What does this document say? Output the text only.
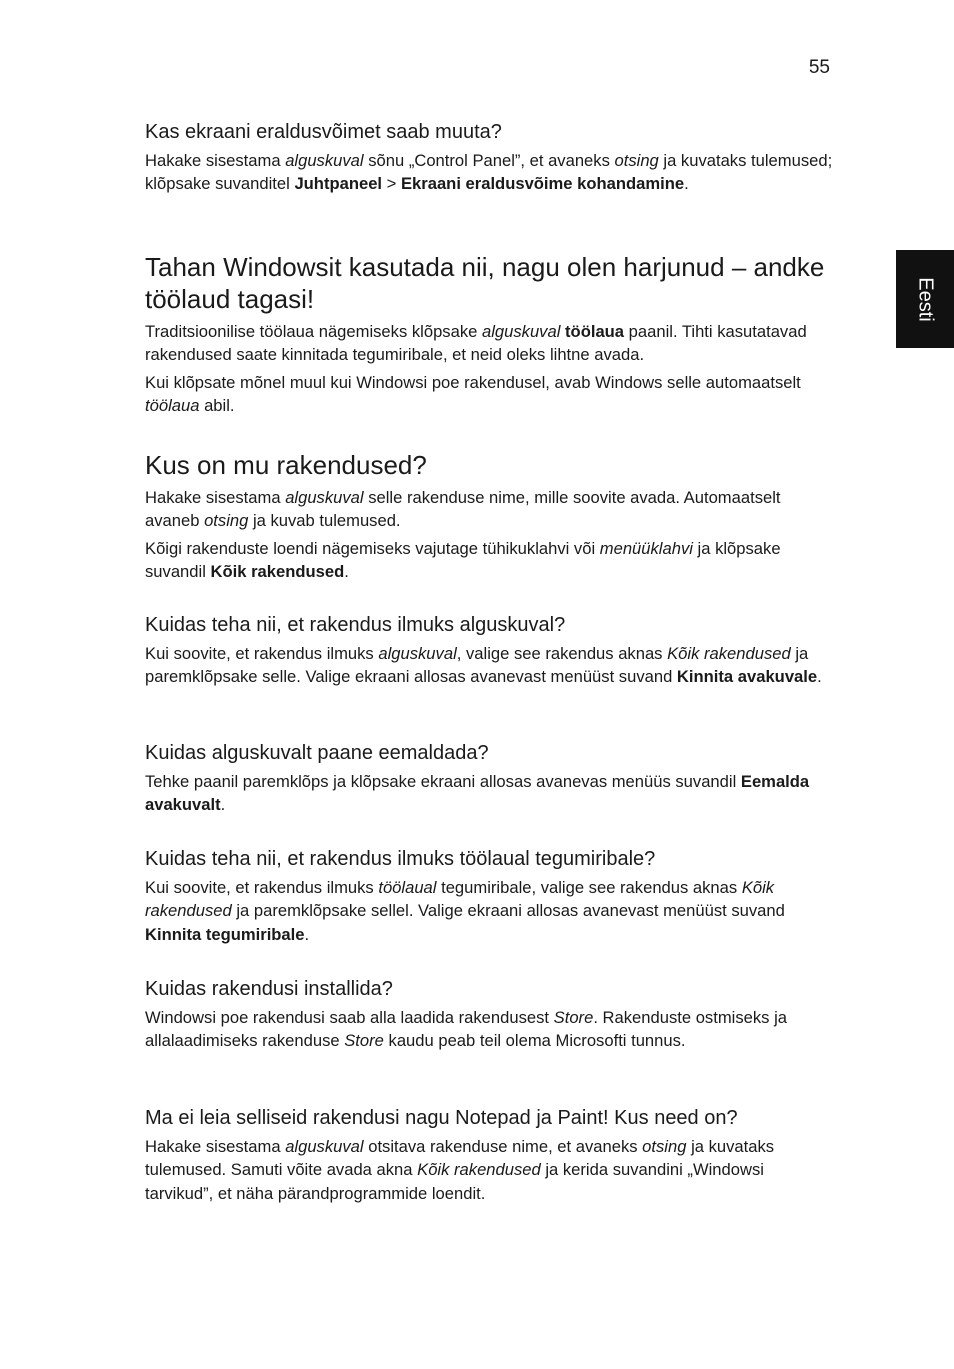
55
Eesti
Kas ekraani eraldusvõimet saab muuta?

Hakake sisestama alguskuval sõnu „Control Panel”, et avaneks otsing ja kuvataks tulemused; klõpsake suvanditel Juhtpaneel > Ekraani eraldusvõime kohandamine.

Tahan Windowsit kasutada nii, nagu olen harjunud – andke töölaud tagasi!

Traditsioonilise töölaua nägemiseks klõpsake alguskuval töölaua paanil. Tihti kasutatavad rakendused saate kinnitada tegumiribale, et neid oleks lihtne avada.

Kui klõpsate mõnel muul kui Windowsi poe rakendusel, avab Windows selle automaatselt töölaua abil.

Kus on mu rakendused?

Hakake sisestama alguskuval selle rakenduse nime, mille soovite avada. Automaatselt avaneb otsing ja kuvab tulemused.

Kõigi rakenduste loendi nägemiseks vajutage tühikuklahvi või menüüklahvi ja klõpsake suvandil Kõik rakendused.

Kuidas teha nii, et rakendus ilmuks alguskuval?

Kui soovite, et rakendus ilmuks alguskuval, valige see rakendus aknas Kõik rakendused ja paremklõpsake selle. Valige ekraani allosas avanevast menüüst suvand Kinnita avakuvale.

Kuidas alguskuvalt paane eemaldada?

Tehke paanil paremklõps ja klõpsake ekraani allosas avanevas menüüs suvandil Eemalda avakuvalt.

Kuidas teha nii, et rakendus ilmuks töölaual tegumiribale?

Kui soovite, et rakendus ilmuks töölaual tegumiribale, valige see rakendus aknas Kõik rakendused ja paremklõpsake sellel. Valige ekraani allosas avanevast menüüst suvand Kinnita tegumiribale.

Kuidas rakendusi installida?

Windowsi poe rakendusi saab alla laadida rakendusest Store. Rakenduste ostmiseks ja allalaadimiseks rakenduse Store kaudu peab teil olema Microsofti tunnus.

Ma ei leia selliseid rakendusi nagu Notepad ja Paint! Kus need on?

Hakake sisestama alguskuval otsitava rakenduse nime, et avaneks otsing ja kuvataks tulemused. Samuti võite avada akna Kõik rakendused ja kerida suvandini „Windowsi tarvikud”, et näha pärandprogrammide loendit.
